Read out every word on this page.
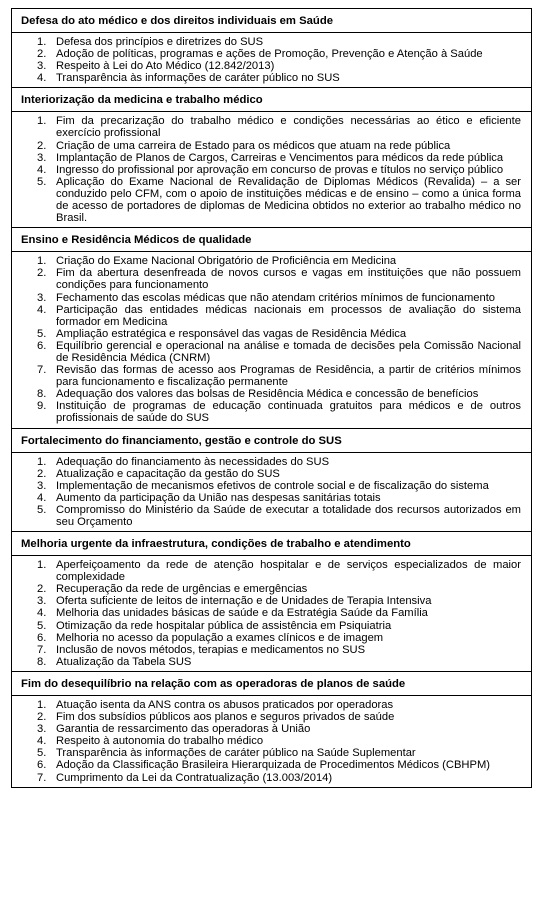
Defesa do ato médico e dos direitos individuais em Saúde
1. Defesa dos princípios e diretrizes do SUS
2. Adoção de políticas, programas e ações de Promoção, Prevenção e Atenção à Saúde
3. Respeito à Lei do Ato Médico (12.842/2013)
4. Transparência às informações de caráter público no SUS
Interiorização da medicina e trabalho médico
1. Fim da precarização do trabalho médico e condições necessárias ao ético e eficiente exercício profissional
2. Criação de uma carreira de Estado para os médicos que atuam na rede pública
3. Implantação de Planos de Cargos, Carreiras e Vencimentos para médicos da rede pública
4. Ingresso do profissional por aprovação em concurso de provas e títulos no serviço público
5. Aplicação do Exame Nacional de Revalidação de Diplomas Médicos (Revalida) – a ser conduzido pelo CFM, com o apoio de instituições médicas e de ensino – como a única forma de acesso de portadores de diplomas de Medicina obtidos no exterior ao trabalho médico no Brasil.
Ensino e Residência Médicos de qualidade
1. Criação do Exame Nacional Obrigatório de Proficiência em Medicina
2. Fim da abertura desenfreada de novos cursos e vagas em instituições que não possuem condições para funcionamento
3. Fechamento das escolas médicas que não atendam critérios mínimos de funcionamento
4. Participação das entidades médicas nacionais em processos de avaliação do sistema formador em Medicina
5. Ampliação estratégica e responsável das vagas de Residência Médica
6. Equilíbrio gerencial e operacional na análise e tomada de decisões pela Comissão Nacional de Residência Médica (CNRM)
7. Revisão das formas de acesso aos Programas de Residência, a partir de critérios mínimos para funcionamento e fiscalização permanente
8. Adequação dos valores das bolsas de Residência Médica e concessão de benefícios
9. Instituição de programas de educação continuada gratuitos para médicos e de outros profissionais de saúde do SUS
Fortalecimento do financiamento, gestão e controle do SUS
1. Adequação do financiamento às necessidades do SUS
2. Atualização e capacitação da gestão do SUS
3. Implementação de mecanismos efetivos de controle social e de fiscalização do sistema
4. Aumento da participação da União nas despesas sanitárias totais
5. Compromisso do Ministério da Saúde de executar a totalidade dos recursos autorizados em seu Orçamento
Melhoria urgente da infraestrutura, condições de trabalho e atendimento
1. Aperfeiçoamento da rede de atenção hospitalar e de serviços especializados de maior complexidade
2. Recuperação da rede de urgências e emergências
3. Oferta suficiente de leitos de internação e de Unidades de Terapia Intensiva
4. Melhoria das unidades básicas de saúde e da Estratégia Saúde da Família
5. Otimização da rede hospitalar pública de assistência em Psiquiatria
6. Melhoria no acesso da população a exames clínicos e de imagem
7. Inclusão de novos métodos, terapias e medicamentos no SUS
8. Atualização da Tabela SUS
Fim do desequilíbrio na relação com as operadoras de planos de saúde
1. Atuação isenta da ANS contra os abusos praticados por operadoras
2. Fim dos subsídios públicos aos planos e seguros privados de saúde
3. Garantia de ressarcimento das operadoras à União
4. Respeito à autonomia do trabalho médico
5. Transparência às informações de caráter público na Saúde Suplementar
6. Adoção da Classificação Brasileira Hierarquizada de Procedimentos Médicos (CBHPM)
7. Cumprimento da Lei da Contratualização (13.003/2014)
